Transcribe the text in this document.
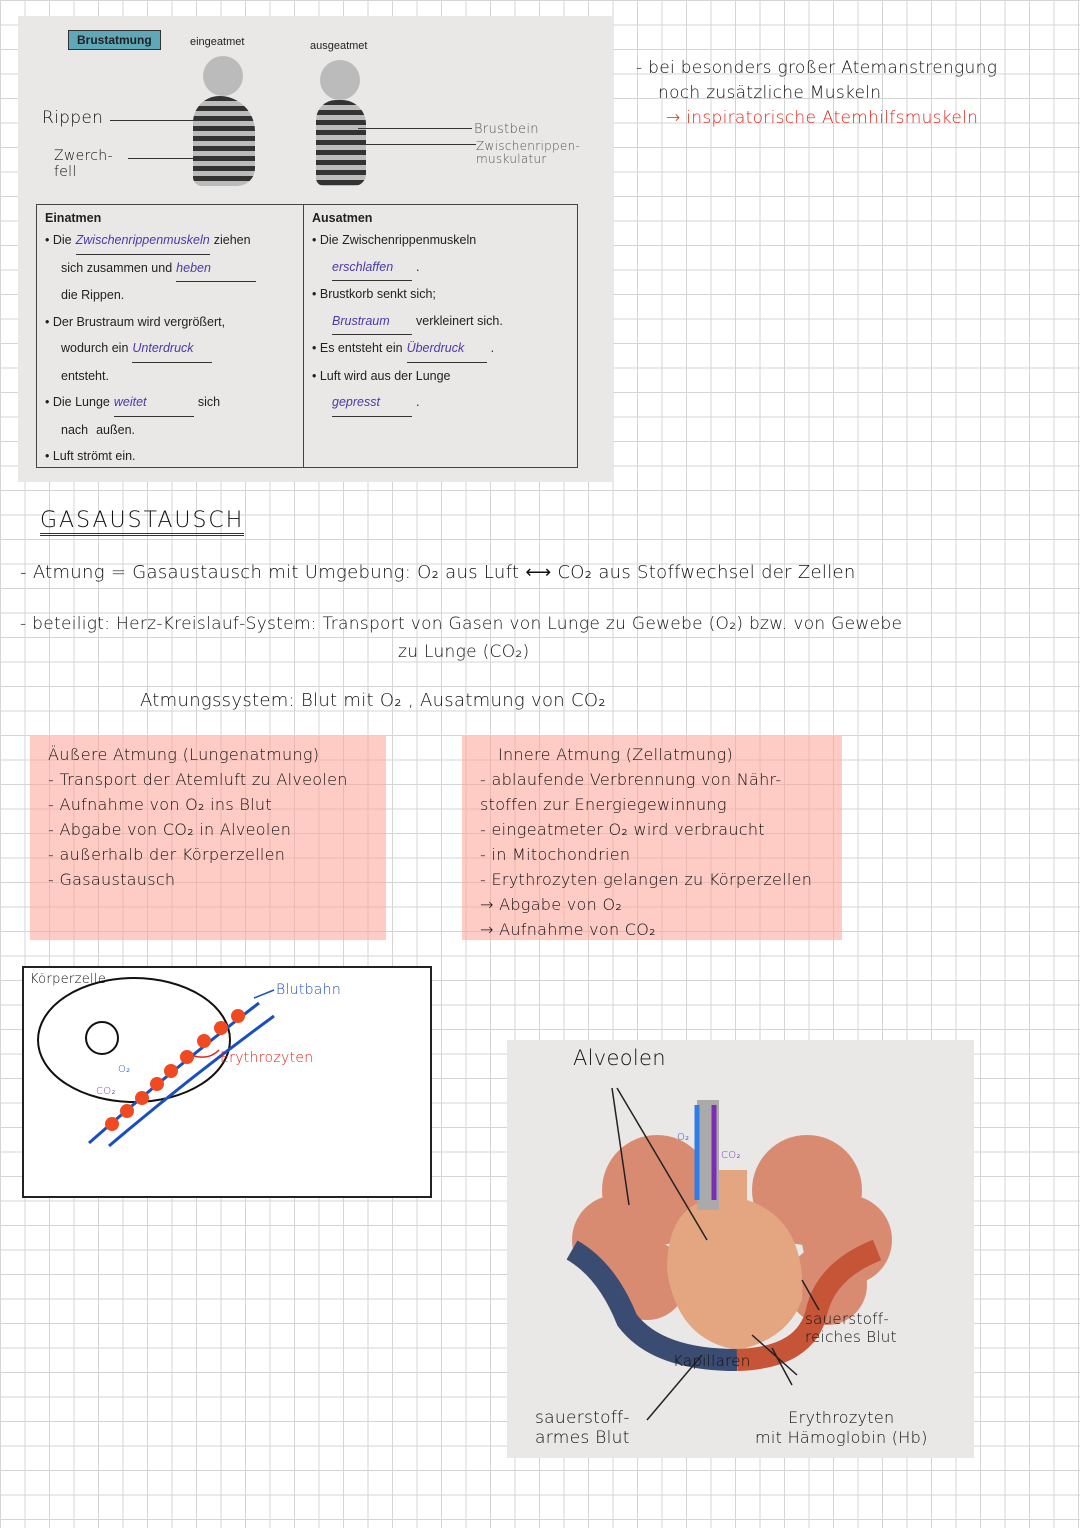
Brustatmung	eingeatmet	ausgeatmet
Rippen
Zwerch-
fell
Brustbein
Zwischenrippen-
muskulatur
Einatmen
• Die Zwischenrippenmuskeln ziehen
sich zusammen und heben
die Rippen.
• Der Brustraum wird vergrößert,
wodurch ein Unterdruck
entsteht.
• Die Lunge weitet	sich
nach außen.
• Luft strömt ein.
Ausatmen
• Die Zwischenrippenmuskeln
erschlaffen .
• Brustkorb senkt sich;
Brustraum verkleinert sich.
• Es entsteht ein Überdruck .
• Luft wird aus der Lunge
gepresst	.
- bei besonders großer Atemanstrengung
noch zusätzliche Muskeln
→ inspiratorische Atemhilfsmuskeln
GASAUSTAUSCH
- Atmung = Gasaustausch mit Umgebung: O₂ aus Luft ⟷ CO₂ aus Stoffwechsel der Zellen
- beteiligt: Herz-Kreislauf-System: Transport von Gasen von Lunge zu Gewebe (O₂) bzw. von Gewebe
zu Lunge (CO₂)
Atmungssystem: Blut mit O₂ , Ausatmung von CO₂
Äußere Atmung (Lungenatmung)
- Transport der Atemluft zu Alveolen
- Aufnahme von O₂ ins Blut
- Abgabe von CO₂ in Alveolen
- außerhalb der Körperzellen
- Gasaustausch
Innere Atmung (Zellatmung)
- ablaufende Verbrennung von Nähr-
stoffen zur Energiegewinnung
- eingeatmeter O₂ wird verbraucht
- in Mitochondrien
- Erythrozyten gelangen zu Körperzellen
→ Abgabe von O₂
→ Aufnahme von CO₂
Körperzelle
Blutbahn
Erythrozyten
O₂
CO₂
Alveolen
O₂
CO₂
sauerstoff-
reiches Blut
Kapillaren
sauerstoff-
armes Blut
Erythrozyten
mit Hämoglobin (Hb)
